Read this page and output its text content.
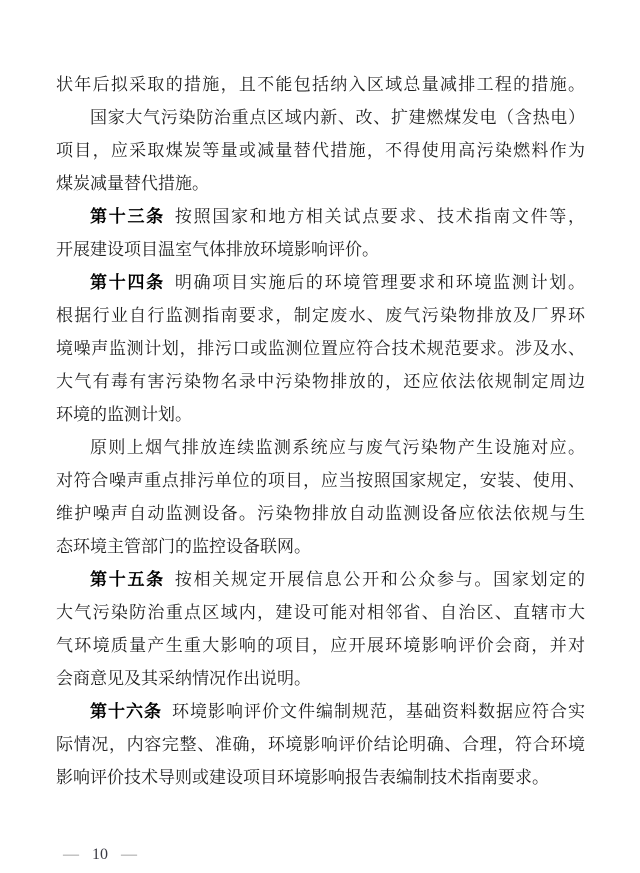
状年后拟采取的措施，且不能包括纳入区域总量减排工程的措施。
国家大气污染防治重点区域内新、改、扩建燃煤发电（含热电）
项目，应采取煤炭等量或减量替代措施，不得使用高污染燃料作为
煤炭减量替代措施。
第十三条 按照国家和地方相关试点要求、技术指南文件等，
开展建设项目温室气体排放环境影响评价。
第十四条 明确项目实施后的环境管理要求和环境监测计划。
根据行业自行监测指南要求，制定废水、废气污染物排放及厂界环
境噪声监测计划，排污口或监测位置应符合技术规范要求。涉及水、
大气有毒有害污染物名录中污染物排放的，还应依法依规制定周边
环境的监测计划。
原则上烟气排放连续监测系统应与废气污染物产生设施对应。
对符合噪声重点排污单位的项目，应当按照国家规定，安装、使用、
维护噪声自动监测设备。污染物排放自动监测设备应依法依规与生
态环境主管部门的监控设备联网。
第十五条 按相关规定开展信息公开和公众参与。国家划定的
大气污染防治重点区域内，建设可能对相邻省、自治区、直辖市大
气环境质量产生重大影响的项目，应开展环境影响评价会商，并对
会商意见及其采纳情况作出说明。
第十六条 环境影响评价文件编制规范，基础资料数据应符合实
际情况，内容完整、准确，环境影响评价结论明确、合理，符合环境
影响评价技术导则或建设项目环境影响报告表编制技术指南要求。
— 10 —
